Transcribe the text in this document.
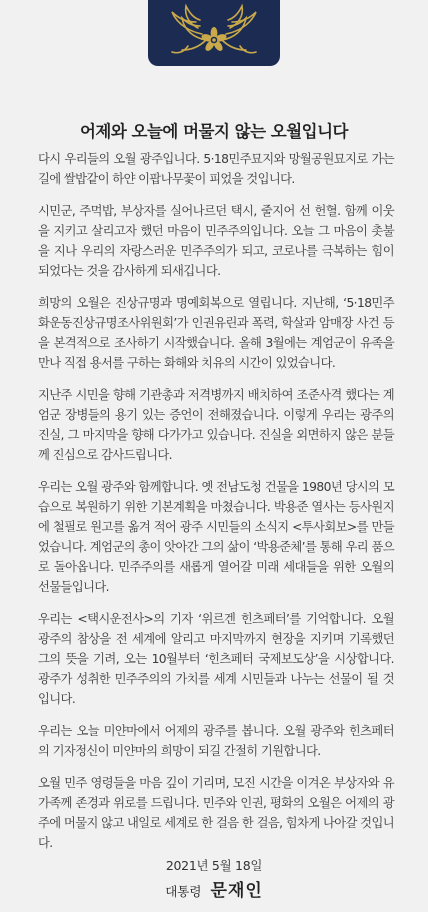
어제와 오늘에 머물지 않는 오월입니다

다시 우리들의 오월 광주입니다. 5·18민주묘지와 망월공원묘지로 가는 길에 쌀밥같이 하얀 이팝나무꽃이 피었을 것입니다.

시민군, 주먹밥, 부상자를 실어나르던 택시, 줄지어 선 헌혈. 함께 이웃을 지키고 살리고자 했던 마음이 민주주의입니다. 오늘 그 마음이 촛불을 지나 우리의 자랑스러운 민주주의가 되고, 코로나를 극복하는 힘이 되었다는 것을 감사하게 되새깁니다.

희망의 오월은 진상규명과 명예회복으로 열립니다. 지난해, ‘5·18민주화운동진상규명조사위원회’가 인권유린과 폭력, 학살과 암매장 사건 등을 본격적으로 조사하기 시작했습니다. 올해 3월에는 계엄군이 유족을 만나 직접 용서를 구하는 화해와 치유의 시간이 있었습니다.

지난주 시민을 향해 기관총과 저격병까지 배치하여 조준사격 했다는 계엄군 장병들의 용기 있는 증언이 전해졌습니다. 이렇게 우리는 광주의 진실, 그 마지막을 향해 다가가고 있습니다. 진실을 외면하지 않은 분들께 진심으로 감사드립니다.

우리는 오월 광주와 함께합니다. 옛 전남도청 건물을 1980년 당시의 모습으로 복원하기 위한 기본계획을 마쳤습니다. 박용준 열사는 등사원지에 철필로 원고를 옮겨 적어 광주 시민들의 소식지 <투사회보>를 만들었습니다. 계엄군의 총이 앗아간 그의 삶이 ‘박용준체’를 통해 우리 품으로 돌아옵니다. 민주주의를 새롭게 열어갈 미래 세대들을 위한 오월의 선물들입니다.

우리는 <택시운전사>의 기자 ‘위르겐 힌츠페터’를 기억합니다. 오월 광주의 참상을 전 세계에 알리고 마지막까지 현장을 지키며 기록했던 그의 뜻을 기려, 오는 10월부터 ‘힌츠페터 국제보도상’을 시상합니다. 광주가 성취한 민주주의의 가치를 세계 시민들과 나누는 선물이 될 것입니다.

우리는 오늘 미얀마에서 어제의 광주를 봅니다. 오월 광주와 힌츠페터의 기자정신이 미얀마의 희망이 되길 간절히 기원합니다.

오월 민주 영령들을 마음 깊이 기리며, 모진 시간을 이겨온 부상자와 유가족께 존경과 위로를 드립니다. 민주와 인권, 평화의 오월은 어제의 광주에 머물지 않고 내일로 세계로 한 걸음 한 걸음, 힘차게 나아갈 것입니다.

2021년 5월 18일
대통령 문재인
